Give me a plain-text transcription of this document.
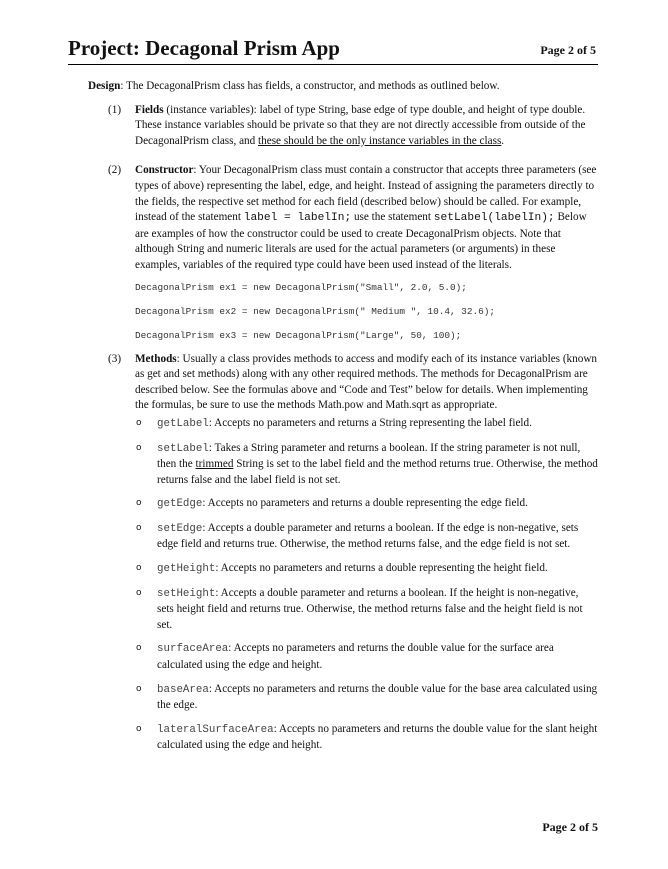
Project: Decagonal Prism App	Page 2 of 5

Design: The DecagonalPrism class has fields, a constructor, and methods as outlined below.

(1) Fields (instance variables): label of type String, base edge of type double, and height of type double. These instance variables should be private so that they are not directly accessible from outside of the DecagonalPrism class, and these should be the only instance variables in the class.

(2) Constructor: Your DecagonalPrism class must contain a constructor that accepts three parameters (see types of above) representing the label, edge, and height. Instead of assigning the parameters directly to the fields, the respective set method for each field (described below) should be called. For example, instead of the statement label = labelIn; use the statement setLabel(labelIn); Below are examples of how the constructor could be used to create DecagonalPrism objects. Note that although String and numeric literals are used for the actual parameters (or arguments) in these examples, variables of the required type could have been used instead of the literals.

DecagonalPrism ex1 = new DecagonalPrism("Small", 2.0, 5.0);
DecagonalPrism ex2 = new DecagonalPrism(" Medium ", 10.4, 32.6);
DecagonalPrism ex3 = new DecagonalPrism("Large", 50, 100);
(3) Methods: Usually a class provides methods to access and modify each of its instance variables (known as get and set methods) along with any other required methods. The methods for DecagonalPrism are described below. See the formulas above and “Code and Test” below for details. When implementing the formulas, be sure to use the methods Math.pow and Math.sqrt as appropriate.

o getLabel: Accepts no parameters and returns a String representing the label field.
o setLabel: Takes a String parameter and returns a boolean. If the string parameter is not null, then the trimmed String is set to the label field and the method returns true. Otherwise, the method returns false and the label field is not set.
o getEdge: Accepts no parameters and returns a double representing the edge field.
o setEdge: Accepts a double parameter and returns a boolean. If the edge is non-negative, sets edge field and returns true. Otherwise, the method returns false, and the edge field is not set.
o getHeight: Accepts no parameters and returns a double representing the height field.
o setHeight: Accepts a double parameter and returns a boolean. If the height is non-negative, sets height field and returns true. Otherwise, the method returns false and the height field is not set.
o surfaceArea: Accepts no parameters and returns the double value for the surface area calculated using the edge and height.
o baseArea: Accepts no parameters and returns the double value for the base area calculated using the edge.
o lateralSurfaceArea: Accepts no parameters and returns the double value for the slant height calculated using the edge and height.
Page 2 of 5
